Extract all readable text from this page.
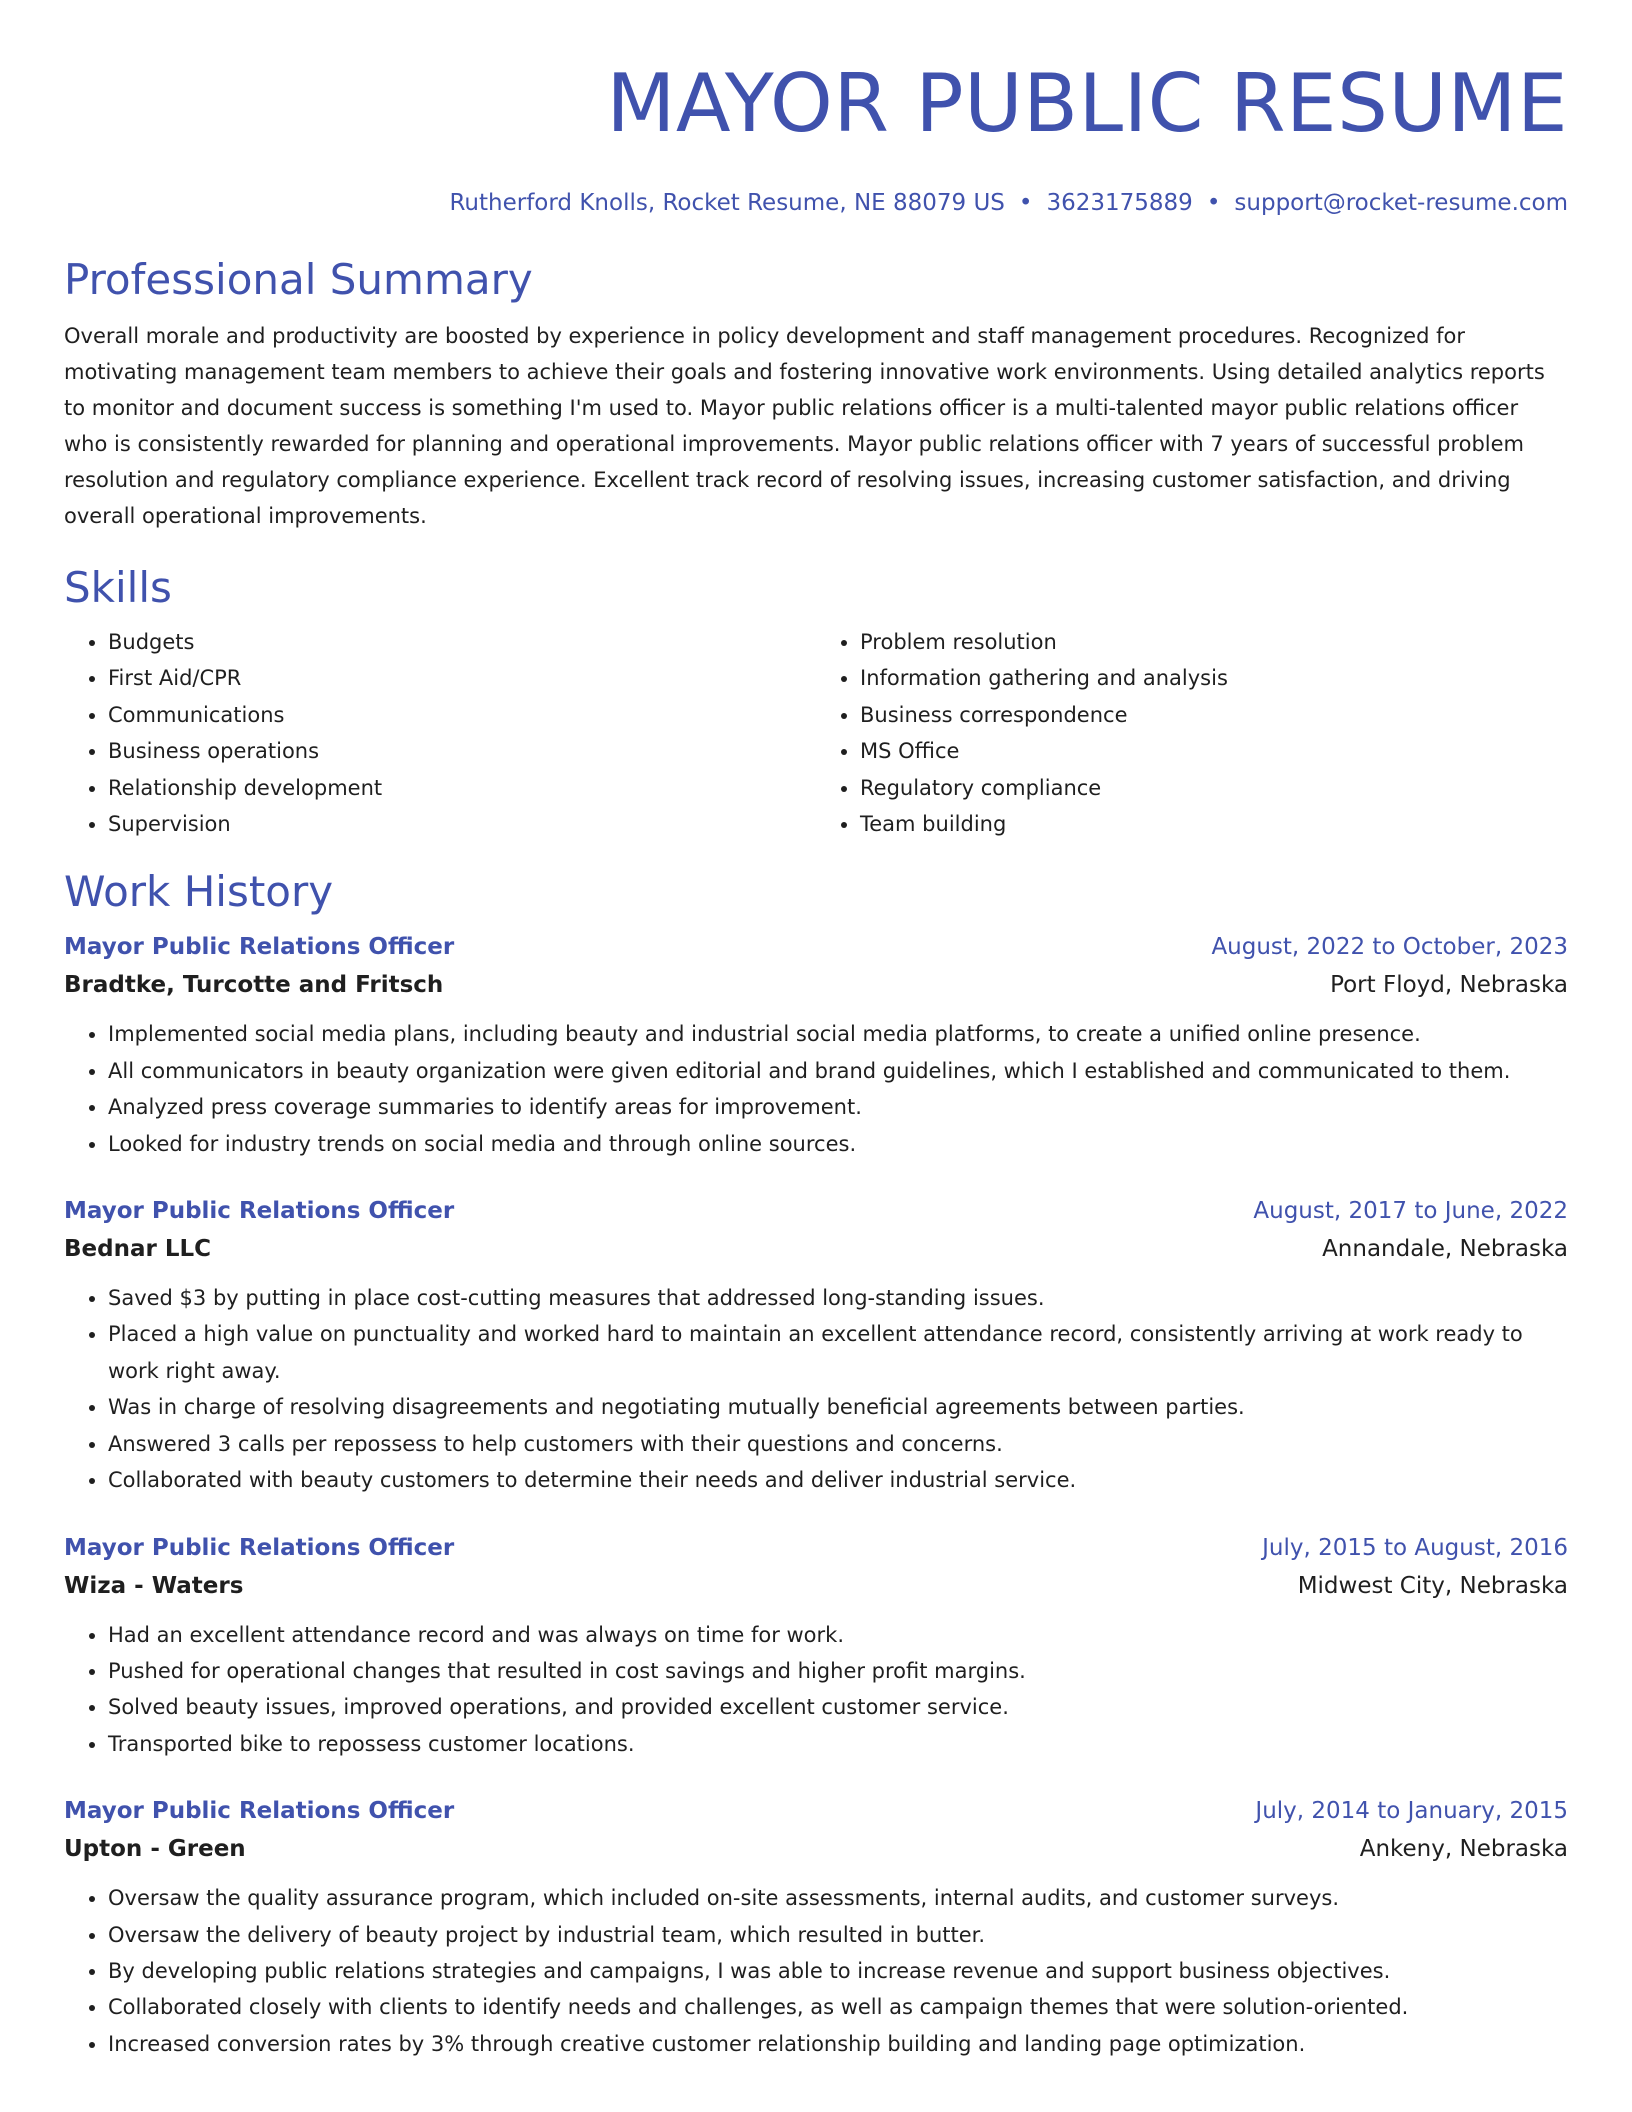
MAYOR PUBLIC RESUME
Rutherford Knolls, Rocket Resume, NE 88079 US • 3623175889 • support@rocket-resume.com
Professional Summary
Overall morale and productivity are boosted by experience in policy development and staff management procedures. Recognized for motivating management team members to achieve their goals and fostering innovative work environments. Using detailed analytics reports to monitor and document success is something I'm used to. Mayor public relations officer is a multi-talented mayor public relations officer who is consistently rewarded for planning and operational improvements. Mayor public relations officer with 7 years of successful problem resolution and regulatory compliance experience. Excellent track record of resolving issues, increasing customer satisfaction, and driving overall operational improvements.
Skills
• Budgets
• First Aid/CPR
• Communications
• Business operations
• Relationship development
• Supervision
• Problem resolution
• Information gathering and analysis
• Business correspondence
• MS Office
• Regulatory compliance
• Team building
Work History
Mayor Public Relations Officer	August, 2022 to October, 2023
Bradtke, Turcotte and Fritsch	Port Floyd, Nebraska
• Implemented social media plans, including beauty and industrial social media platforms, to create a unified online presence.
• All communicators in beauty organization were given editorial and brand guidelines, which I established and communicated to them.
• Analyzed press coverage summaries to identify areas for improvement.
• Looked for industry trends on social media and through online sources.
Mayor Public Relations Officer	August, 2017 to June, 2022
Bednar LLC	Annandale, Nebraska
• Saved $3 by putting in place cost-cutting measures that addressed long-standing issues.
• Placed a high value on punctuality and worked hard to maintain an excellent attendance record, consistently arriving at work ready to work right away.
• Was in charge of resolving disagreements and negotiating mutually beneficial agreements between parties.
• Answered 3 calls per repossess to help customers with their questions and concerns.
• Collaborated with beauty customers to determine their needs and deliver industrial service.
Mayor Public Relations Officer	July, 2015 to August, 2016
Wiza - Waters	Midwest City, Nebraska
• Had an excellent attendance record and was always on time for work.
• Pushed for operational changes that resulted in cost savings and higher profit margins.
• Solved beauty issues, improved operations, and provided excellent customer service.
• Transported bike to repossess customer locations.
Mayor Public Relations Officer	July, 2014 to January, 2015
Upton - Green	Ankeny, Nebraska
• Oversaw the quality assurance program, which included on-site assessments, internal audits, and customer surveys.
• Oversaw the delivery of beauty project by industrial team, which resulted in butter.
• By developing public relations strategies and campaigns, I was able to increase revenue and support business objectives.
• Collaborated closely with clients to identify needs and challenges, as well as campaign themes that were solution-oriented.
• Increased conversion rates by 3% through creative customer relationship building and landing page optimization.
